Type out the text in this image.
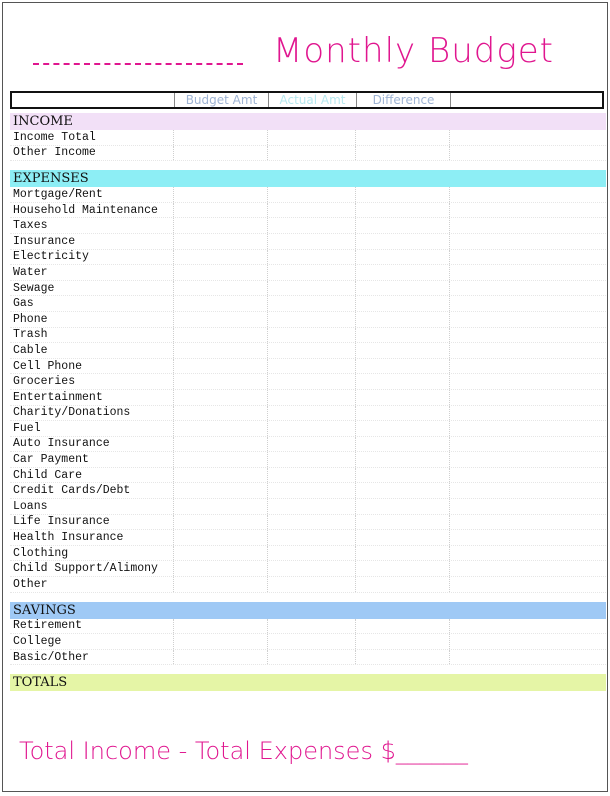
Monthly Budget
Budget Amt	Actual Amt	Difference
INCOME
Income Total
Other Income
EXPENSES
Mortgage/Rent
Household Maintenance
Taxes
Insurance
Electricity
Water
Sewage
Gas
Phone
Trash
Cable
Cell Phone
Groceries
Entertainment
Charity/Donations
Fuel
Auto Insurance
Car Payment
Child Care
Credit Cards/Debt
Loans
Life Insurance
Health Insurance
Clothing
Child Support/Alimony
Other
SAVINGS
Retirement
College
Basic/Other
TOTALS
Total Income - Total Expenses $______
